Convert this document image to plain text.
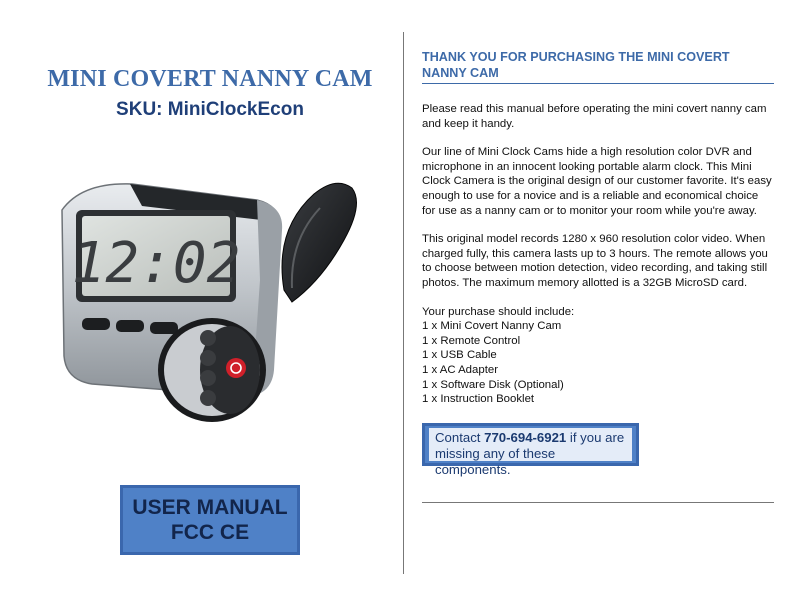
MINI COVERT NANNY CAM
SKU: MiniClockEcon
12:02
USER MANUAL
FCC CE
THANK YOU FOR PURCHASING THE MINI COVERT NANNY CAM

Please read this manual before operating the mini covert nanny cam and keep it handy.

Our line of Mini Clock Cams hide a high resolution color DVR and microphone in an innocent looking portable alarm clock. This Mini Clock Camera is the original design of our customer favorite. It's easy enough to use for a novice and is a reliable and economical choice for use as a nanny cam or to monitor your room while you're away.

This original model records 1280 x 960 resolution color video. When charged fully, this camera lasts up to 3 hours. The remote allows you to choose between motion detection, video recording, and taking still photos. The maximum memory allotted is a 32GB MicroSD card.

Your purchase should include:
1 x Mini Covert Nanny Cam
1 x Remote Control
1 x USB Cable
1 x AC Adapter
1 x Software Disk (Optional)
1 x Instruction Booklet
Contact 770-694-6921 if you are missing any of these components.
